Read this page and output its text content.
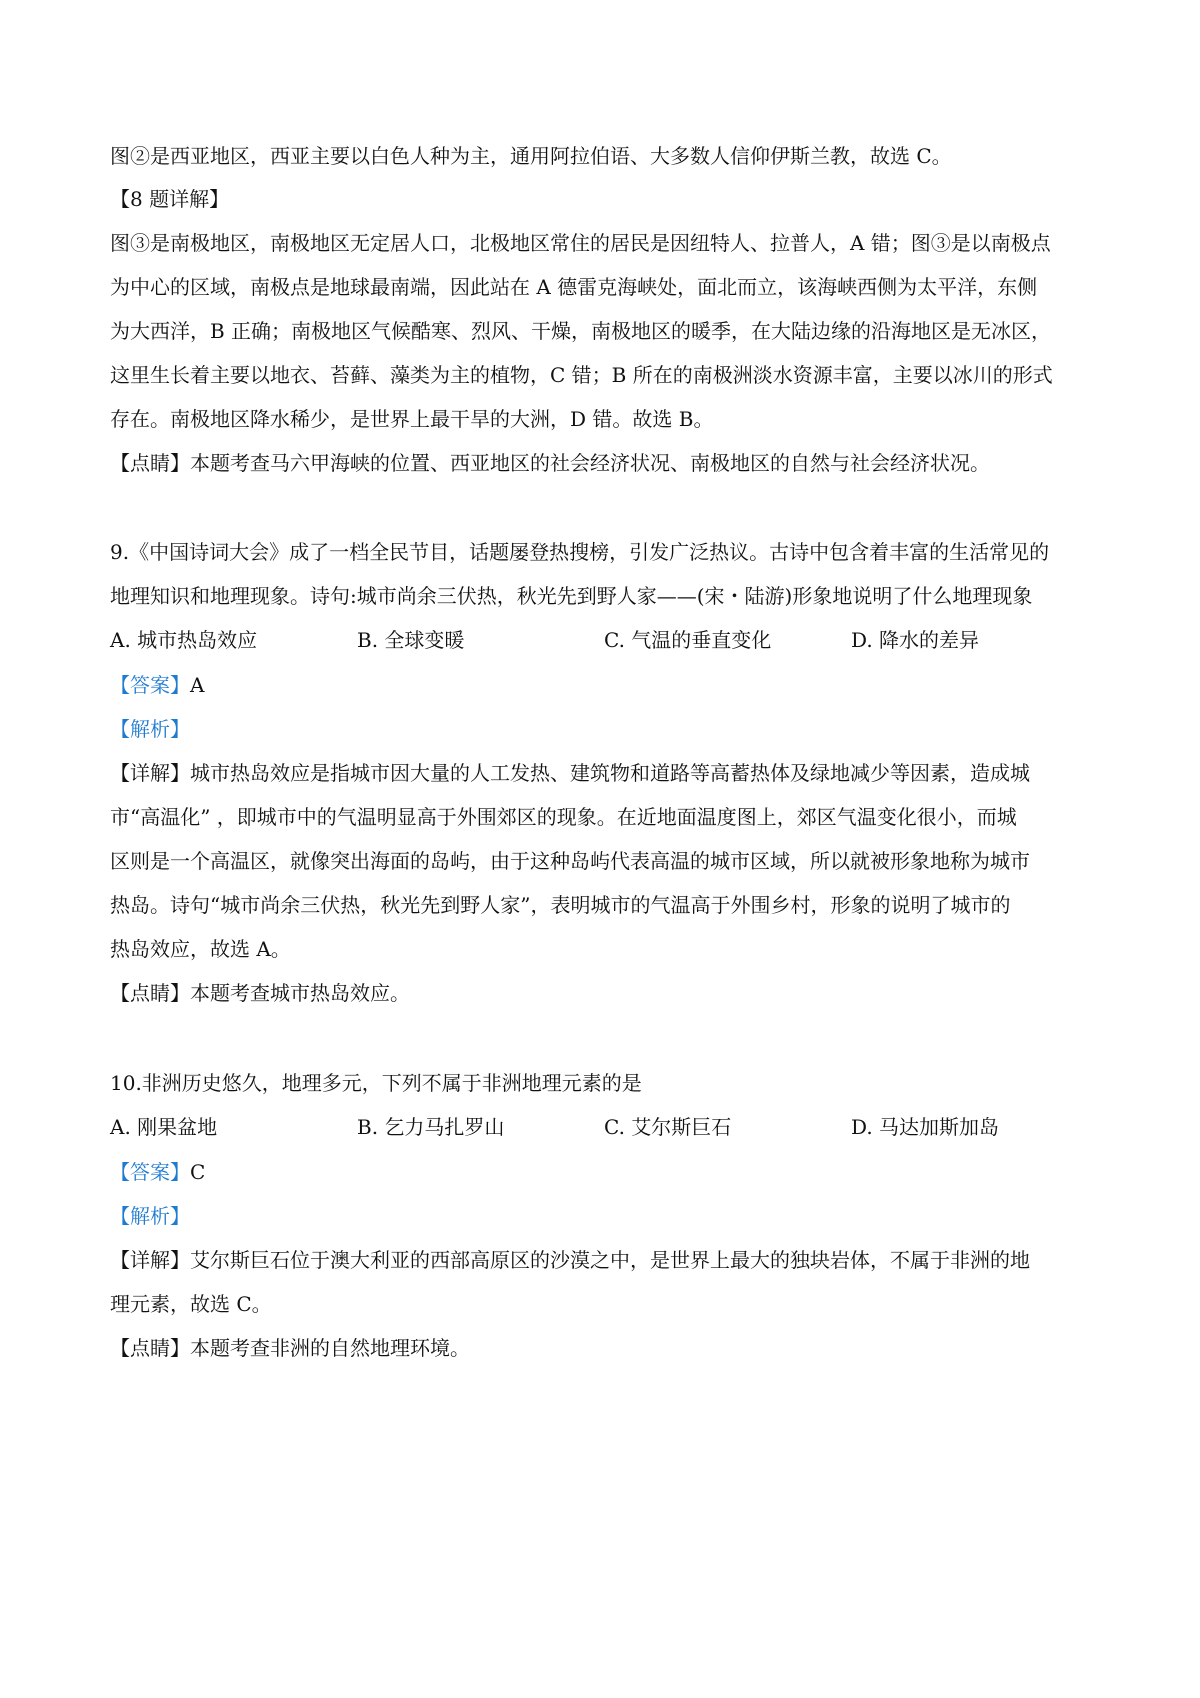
图②是西亚地区，西亚主要以白色人种为主，通用阿拉伯语、大多数人信仰伊斯兰教，故选 C。
【8 题详解】
图③是南极地区，南极地区无定居人口，北极地区常住的居民是因纽特人、拉普人，A 错；图③是以南极点
为中心的区域，南极点是地球最南端，因此站在 A 德雷克海峡处，面北而立，该海峡西侧为太平洋，东侧
为大西洋，B 正确；南极地区气候酷寒、烈风、干燥，南极地区的暖季，在大陆边缘的沿海地区是无冰区，
这里生长着主要以地衣、苔藓、藻类为主的植物，C 错；B 所在的南极洲淡水资源丰富，主要以冰川的形式
存在。南极地区降水稀少，是世界上最干旱的大洲，D 错。故选 B。
【点睛】本题考查马六甲海峡的位置、西亚地区的社会经济状况、南极地区的自然与社会经济状况。
9.《中国诗词大会》成了一档全民节目，话题屡登热搜榜，引发广泛热议。古诗中包含着丰富的生活常见的
地理知识和地理现象。诗句:城市尚余三伏热，秋光先到野人家——(宋・陆游)形象地说明了什么地理现象
A. 城市热岛效应	B. 全球变暖	C. 气温的垂直变化	D. 降水的差异
【答案】A
【解析】
【详解】城市热岛效应是指城市因大量的人工发热、建筑物和道路等高蓄热体及绿地减少等因素，造成城
市“高温化” ，即城市中的气温明显高于外围郊区的现象。在近地面温度图上，郊区气温变化很小，而城
区则是一个高温区，就像突出海面的岛屿，由于这种岛屿代表高温的城市区域，所以就被形象地称为城市
热岛。诗句“城市尚余三伏热，秋光先到野人家”，表明城市的气温高于外围乡村，形象的说明了城市的
热岛效应，故选 A。
【点睛】本题考查城市热岛效应。
10.非洲历史悠久，地理多元，下列不属于非洲地理元素的是
A. 刚果盆地	B. 乞力马扎罗山	C. 艾尔斯巨石	D. 马达加斯加岛
【答案】C
【解析】
【详解】艾尔斯巨石位于澳大利亚的西部高原区的沙漠之中，是世界上最大的独块岩体，不属于非洲的地
理元素，故选 C。
【点睛】本题考查非洲的自然地理环境。
